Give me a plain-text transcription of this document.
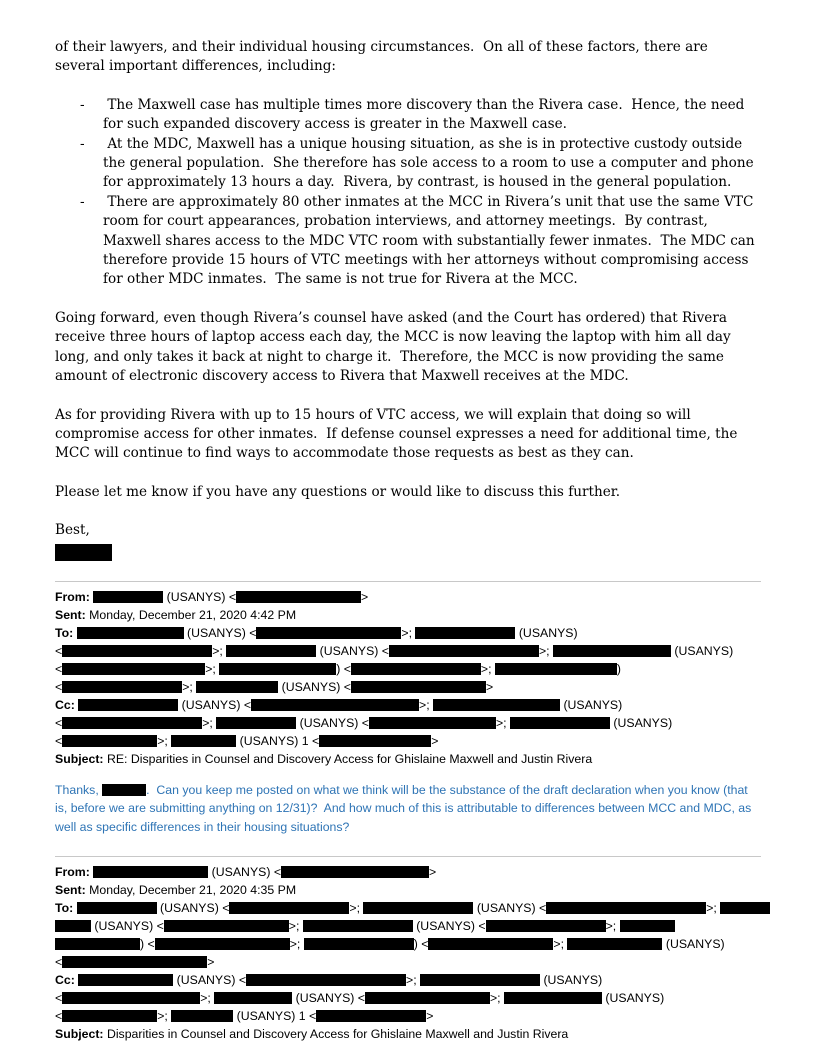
of their lawyers, and their individual housing circumstances.  On all of these factors, there are several important differences, including:

-	The Maxwell case has multiple times more discovery than the Rivera case.  Hence, the need for such expanded discovery access is greater in the Maxwell case.
-	At the MDC, Maxwell has a unique housing situation, as she is in protective custody outside the general population.  She therefore has sole access to a room to use a computer and phone for approximately 13 hours a day.  Rivera, by contrast, is housed in the general population.
-	There are approximately 80 other inmates at the MCC in Rivera’s unit that use the same VTC room for court appearances, probation interviews, and attorney meetings.  By contrast, Maxwell shares access to the MDC VTC room with substantially fewer inmates.  The MDC can therefore provide 15 hours of VTC meetings with her attorneys without compromising access for other MDC inmates.  The same is not true for Rivera at the MCC.

Going forward, even though Rivera’s counsel have asked (and the Court has ordered) that Rivera receive three hours of laptop access each day, the MCC is now leaving the laptop with him all day long, and only takes it back at night to charge it.  Therefore, the MCC is now providing the same amount of electronic discovery access to Rivera that Maxwell receives at the MDC.

As for providing Rivera with up to 15 hours of VTC access, we will explain that doing so will compromise access for other inmates.  If defense counsel expresses a need for additional time, the MCC will continue to find ways to accommodate those requests as best as they can.

Please let me know if you have any questions or would like to discuss this further.

Best,

From:	(USANYS) <	>
Sent: Monday, December 21, 2020 4:42 PM
To:	(USANYS) <	>;	(USANYS)
<	>;	(USANYS) <	>;	(USANYS)
<	>;	) <	>;	)
<	>;	(USANYS) <	>
Cc:	(USANYS) <	>;	(USANYS)
<	>;	(USANYS) <	>;	(USANYS)
<	>;	(USANYS) 1 <	>
Subject: RE: Disparities in Counsel and Discovery Access for Ghislaine Maxwell and Justin Rivera
Thanks,	.  Can you keep me posted on what we think will be the substance of the draft declaration when you know (that is, before we are submitting anything on 12/31)?  And how much of this is attributable to differences between MCC and MDC, as well as specific differences in their housing situations?
From:	(USANYS) <	>
Sent: Monday, December 21, 2020 4:35 PM
To:	(USANYS) <	>;	(USANYS) <	>;
(USANYS) <	>;	(USANYS) <	>;
) <	>;	) <	>;	(USANYS)
<	>
Cc:	(USANYS) <	>;	(USANYS)
<	>;	(USANYS) <	>;	(USANYS)
<	>;	(USANYS) 1 <	>
Subject: Disparities in Counsel and Discovery Access for Ghislaine Maxwell and Justin Rivera
